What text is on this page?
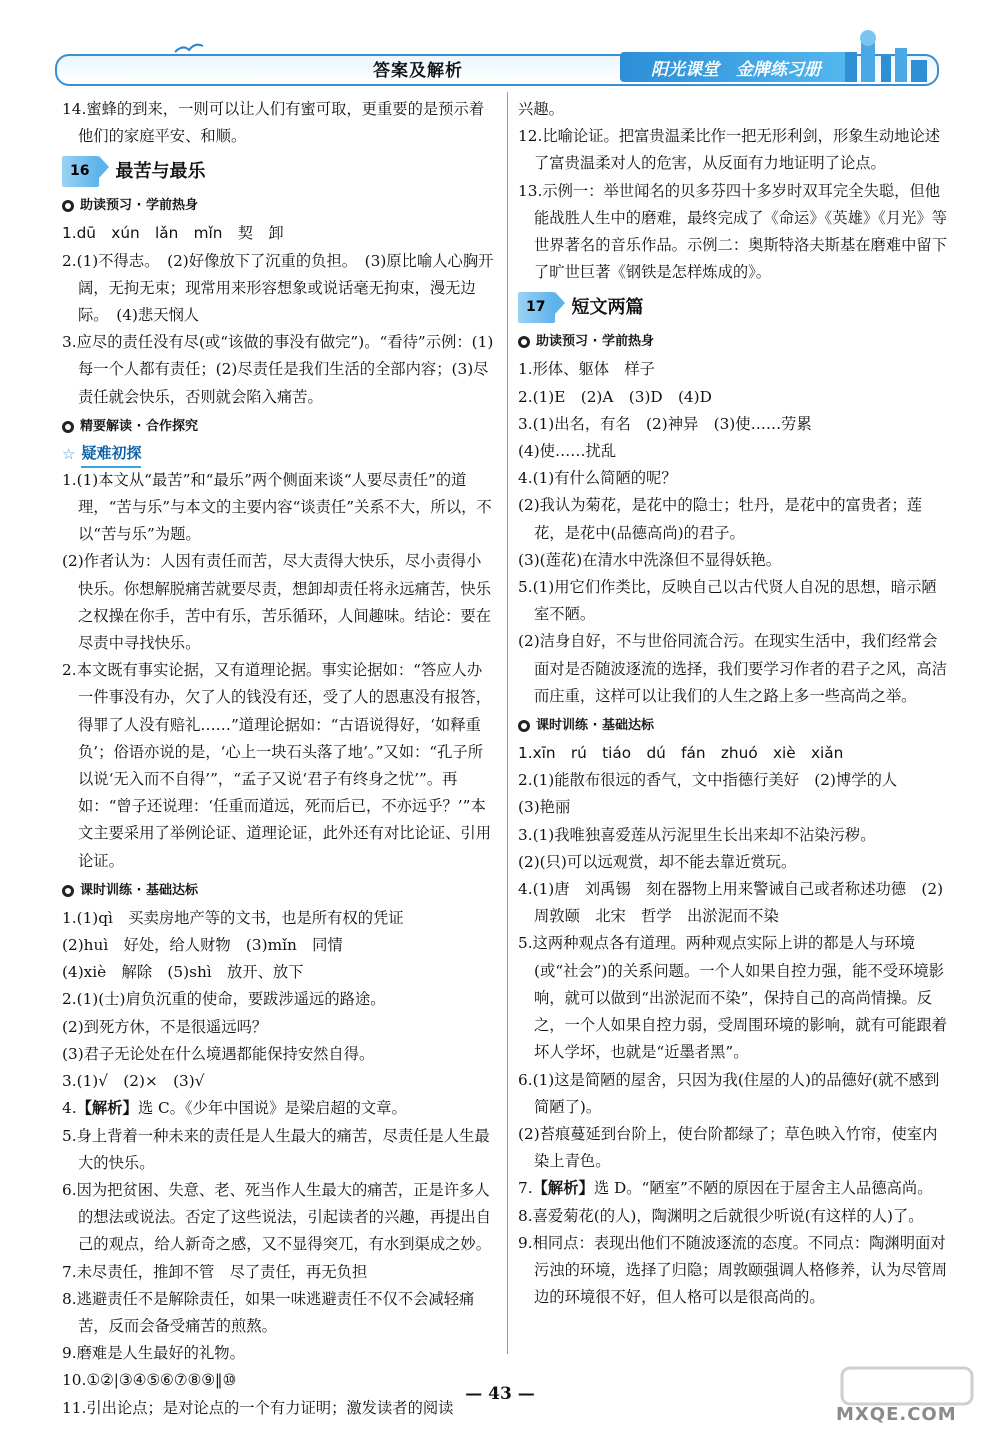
答案及解析	阳光课堂　金牌练习册
14.蜜蜂的到来，一则可以让人们有蜜可取，更重要的是预示着他们的家庭平安、和顺。
16	最苦与最乐
助读预习 · 学前热身
1.dū　xún　lǎn　mǐn　契　卸
2.(1)不得志。　(2)好像放下了沉重的负担。　(3)原比喻人心胸开阔，无拘无束；现常用来形容想象或说话毫无拘束，漫无边际。　(4)悲天悯人
3.应尽的责任没有尽(或“该做的事没有做完”)。“看待”示例：(1)每一个人都有责任；(2)尽责任是我们生活的全部内容；(3)尽责任就会快乐，否则就会陷入痛苦。
精要解读 · 合作探究
☆ 疑难初探
1.(1)本文从“最苦”和“最乐”两个侧面来谈“人要尽责任”的道理，“苦与乐”与本文的主要内容“谈责任”关系不大，所以，不以“苦与乐”为题。
(2)作者认为：人因有责任而苦，尽大责得大快乐，尽小责得小快乐。你想解脱痛苦就要尽责，想卸却责任将永远痛苦，快乐之权操在你手，苦中有乐，苦乐循环，人间趣味。结论：要在尽责中寻找快乐。
2.本文既有事实论据，又有道理论据。事实论据如：“答应人办一件事没有办，欠了人的钱没有还，受了人的恩惠没有报答，得罪了人没有赔礼……”道理论据如：“古语说得好，‘如释重负’；俗语亦说的是，‘心上一块石头落了地’。”又如：“孔子所以说‘无入而不自得’”，“孟子又说‘君子有终身之忧’”。再如：“曾子还说理：‘任重而道远，死而后已，不亦远乎？’”本文主要采用了举例论证、道理论证，此外还有对比论证、引用论证。
课时训练 · 基础达标
1.(1)qì　买卖房地产等的文书，也是所有权的凭证
(2)huì　好处，给人财物　(3)mǐn　同情
(4)xiè　解除　(5)shì　放开、放下
2.(1)(士)肩负沉重的使命，要跋涉遥远的路途。
(2)到死方休，不是很遥远吗？
(3)君子无论处在什么境遇都能保持安然自得。
3.(1)√　(2)×　(3)√
4.【解析】选 C。《少年中国说》是梁启超的文章。
5.身上背着一种未来的责任是人生最大的痛苦，尽责任是人生最大的快乐。
6.因为把贫困、失意、老、死当作人生最大的痛苦，正是许多人的想法或说法。否定了这些说法，引起读者的兴趣，再提出自己的观点，给人新奇之感，又不显得突兀，有水到渠成之妙。
7.未尽责任，推卸不管　尽了责任，再无负担
8.逃避责任不是解除责任，如果一味逃避责任不仅不会减轻痛苦，反而会备受痛苦的煎熬。
9.磨难是人生最好的礼物。
10.①②|③④⑤⑥⑦⑧⑨‖⑩
11.引出论点；是对论点的一个有力证明；激发读者的阅读
兴趣。
12.比喻论证。把富贵温柔比作一把无形利剑，形象生动地论述了富贵温柔对人的危害，从反面有力地证明了论点。
13.示例一：举世闻名的贝多芬四十多岁时双耳完全失聪，但他能战胜人生中的磨难，最终完成了《命运》《英雄》《月光》等世界著名的音乐作品。示例二：奥斯特洛夫斯基在磨难中留下了旷世巨著《钢铁是怎样炼成的》。
17	短文两篇
助读预习 · 学前热身
1.形体、躯体　样子
2.(1)E　(2)A　(3)D　(4)D
3.(1)出名，有名　(2)神异　(3)使……劳累
(4)使……扰乱
4.(1)有什么简陋的呢？
(2)我认为菊花，是花中的隐士；牡丹，是花中的富贵者；莲花，是花中(品德高尚)的君子。
(3)(莲花)在清水中洗涤但不显得妖艳。
5.(1)用它们作类比，反映自己以古代贤人自况的思想，暗示陋室不陋。
(2)洁身自好，不与世俗同流合污。在现实生活中，我们经常会面对是否随波逐流的选择，我们要学习作者的君子之风，高洁而庄重，这样可以让我们的人生之路上多一些高尚之举。
课时训练 · 基础达标
1.xīn　rú　tiáo　dú　fán　zhuó　xiè　xiǎn
2.(1)能散布很远的香气，文中指德行美好　(2)博学的人
(3)艳丽
3.(1)我唯独喜爱莲从污泥里生长出来却不沾染污秽。
(2)(只)可以远观赏，却不能去靠近赏玩。
4.(1)唐　刘禹锡　刻在器物上用来警诫自己或者称述功德　(2)周敦颐　北宋　哲学　出淤泥而不染
5.这两种观点各有道理。两种观点实际上讲的都是人与环境(或“社会”)的关系问题。一个人如果自控力强，能不受环境影响，就可以做到“出淤泥而不染”，保持自己的高尚情操。反之，一个人如果自控力弱，受周围环境的影响，就有可能跟着坏人学坏，也就是“近墨者黑”。
6.(1)这是简陋的屋舍，只因为我(住屋的人)的品德好(就不感到简陋了)。
(2)苔痕蔓延到台阶上，使台阶都绿了；草色映入竹帘，使室内染上青色。
7.【解析】选 D。“陋室”不陋的原因在于屋舍主人品德高尚。
8.喜爱菊花(的人)，陶渊明之后就很少听说(有这样的人)了。
9.相同点：表现出他们不随波逐流的态度。不同点：陶渊明面对污浊的环境，选择了归隐；周敦颐强调人格修养，认为尽管周边的环境很不好，但人格可以是很高尚的。
— 43 —
MXQE.COM
